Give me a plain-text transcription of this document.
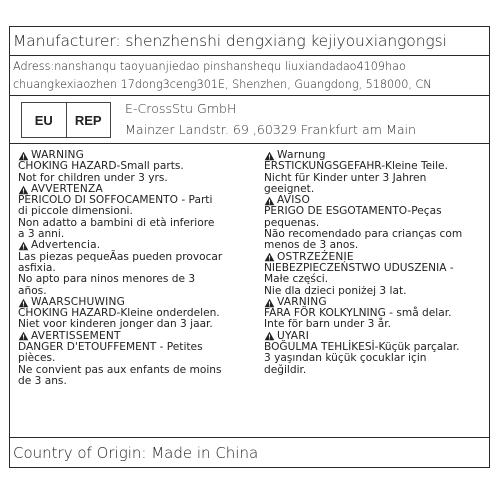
Manufacturer: shenzhenshi dengxiang kejiyouxiangongsi
Adress:nanshanqu taoyuanjiedao pinshanshequ liuxiandadao4109hao
chuangkexiaozhen 17dong3ceng301E, Shenzhen, Guangdong, 518000, CN
EU	REP
E-CrossStu GmbH
Mainzer Landstr. 69 ,60329 Frankfurt am Main
WARNING

CHOKING HAZARD-Small parts.

Not for children under 3 yrs.

AVVERTENZA

PERICOLO DI SOFFOCAMENTO - Parti

di piccole dimensioni.

Non adatto a bambini di età inferiore

a 3 anni.

Advertencia.

Las piezas pequeÃas pueden provocar

asfixia.

No apto para ninos menores de 3

años.

WAARSCHUWING

CHOKING HAZARD-Kleine onderdelen.

Niet voor kinderen jonger dan 3 jaar.

AVERTISSEMENT

DANGER D'ETOUFFEMENT - Petites

pièces.

Ne convient pas aux enfants de moins

de 3 ans.

Warnung

ERSTICKUNGSGEFAHR-Kleine Teile.

Nicht für Kinder unter 3 Jahren

geeignet.

AVISO

PERIGO DE ESGOTAMENTO-Peças

pequenas.

Não recomendado para crianças com

menos de 3 anos.

OSTRZEŻENIE

NIEBEZPIECZEŃSTWO UDUSZENIA -

Małe części.

Nie dla dzieci poniżej 3 lat.

VARNING

FARA FÖR KOLKYLNING - små delar.

Inte för barn under 3 år.

UYARI

BOĞULMA TEHLİKESİ-Küçük parçalar.

3 yaşından küçük çocuklar için

değildir.

Country of Origin: Made in China
